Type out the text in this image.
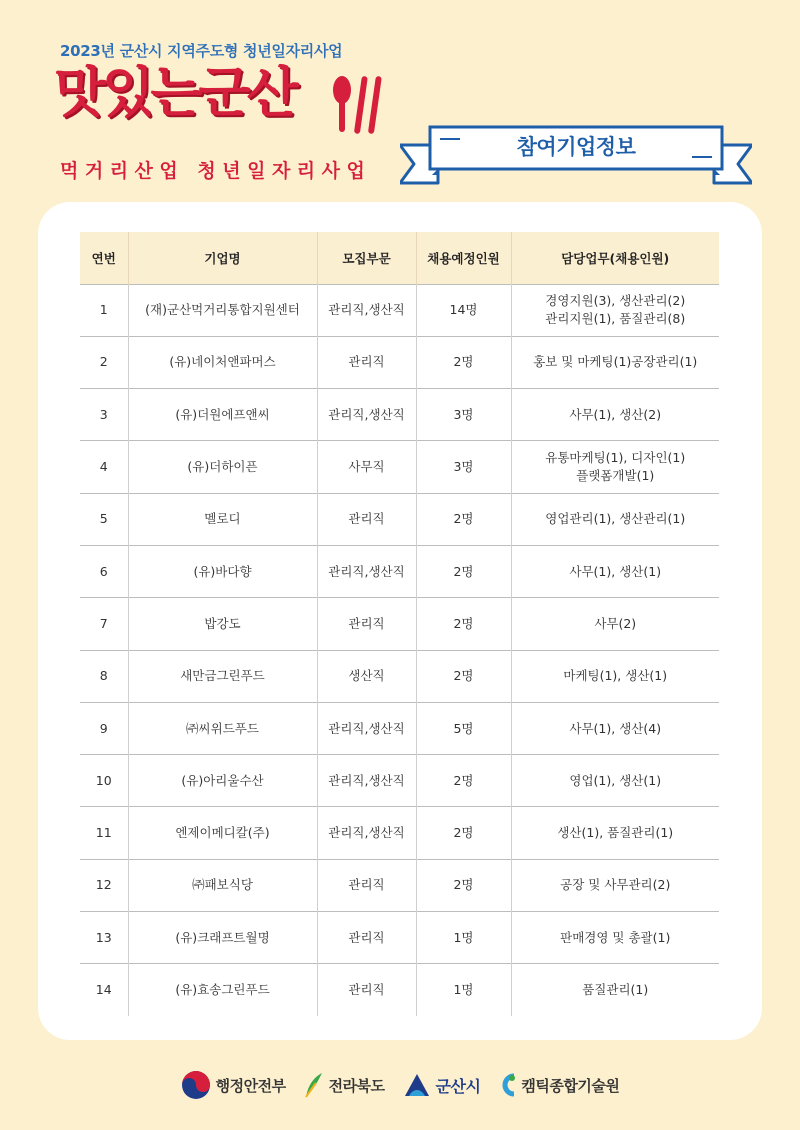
2023년 군산시 지역주도형 청년일자리사업
맛있는군산
먹거리산업 청년일자리사업
참여기업정보
연번	기업명	모집부문	채용예정인원	담당업무(채용인원)
1	(재)군산먹거리통합지원센터	관리직,생산직	14명	경영지원(3), 생산관리(2)
관리지원(1), 품질관리(8)
2	(유)네이처앤파머스	관리직	2명	홍보 및 마케팅(1)공장관리(1)
3	(유)더원에프앤씨	관리직,생산직	3명	사무(1), 생산(2)
4	(유)더하이픈	사무직	3명	유통마케팅(1), 디자인(1)
플랫폼개발(1)
5	멜로디	관리직	2명	영업관리(1), 생산관리(1)
6	(유)바다향	관리직,생산직	2명	사무(1), 생산(1)
7	밥강도	관리직	2명	사무(2)
8	새만금그린푸드	생산직	2명	마케팅(1), 생산(1)
9	㈜씨위드푸드	관리직,생산직	5명	사무(1), 생산(4)
10	(유)아리울수산	관리직,생산직	2명	영업(1), 생산(1)
11	엔제이메디칼(주)	관리직,생산직	2명	생산(1), 품질관리(1)
12	㈜패보식당	관리직	2명	공장 및 사무관리(2)
13	(유)크래프트월명	관리직	1명	판매경영 및 총괄(1)
14	(유)효송그린푸드	관리직	1명	품질관리(1)
행정안전부	전라북도	군산시	캠틱종합기술원
